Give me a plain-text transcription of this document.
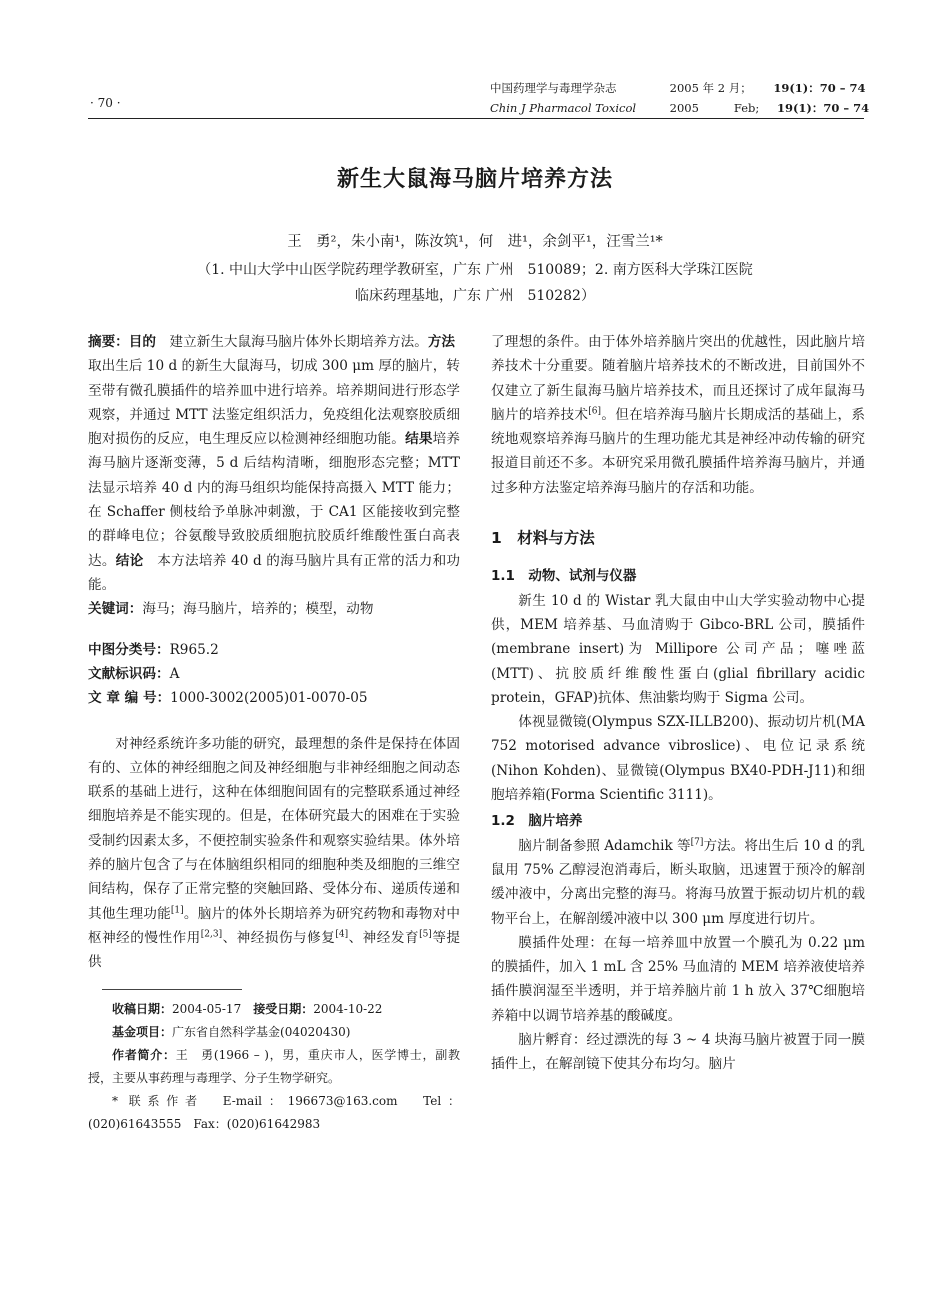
· 70 ·
中国药理学与毒理学杂志	2005 年 2 月； 19(1)：70 – 74
Chin J Pharmacol Toxicol	2005	Feb; 19(1)：70 – 74
新生大鼠海马脑片培养方法
王　勇²，朱小南¹，陈汝筑¹，何　进¹，余剑平¹，汪雪兰¹*
（1. 中山大学中山医学院药理学教研室，广东 广州　510089；2. 南方医科大学珠江医院
临床药理基地，广东 广州　510282）

摘要：目的　建立新生大鼠海马脑片体外长期培养方法。方法　取出生后 10 d 的新生大鼠海马，切成 300 μm 厚的脑片，转至带有微孔膜插件的培养皿中进行培养。培养期间进行形态学观察，并通过 MTT 法鉴定组织活力，免疫组化法观察胶质细胞对损伤的反应，电生理反应以检测神经细胞功能。结果培养海马脑片逐渐变薄，5 d 后结构清晰，细胞形态完整；MTT 法显示培养 40 d 内的海马组织均能保持高摄入 MTT 能力；在 Schaffer 侧枝给予单脉冲刺激，于 CA1 区能接收到完整的群峰电位；谷氨酸导致胶质细胞抗胶质纤维酸性蛋白高表达。结论　本方法培养 40 d 的海马脑片具有正常的活力和功能。

关键词：海马；海马脑片，培养的；模型，动物

中图分类号：R965.2
文献标识码：A
文 章 编 号：1000-3002(2005)01-0070-05

对神经系统许多功能的研究，最理想的条件是保持在体固有的、立体的神经细胞之间及神经细胞与非神经细胞之间动态联系的基础上进行，这种在体细胞间固有的完整联系通过神经细胞培养是不能实现的。但是，在体研究最大的困难在于实验受制约因素太多，不便控制实验条件和观察实验结果。体外培养的脑片包含了与在体脑组织相同的细胞种类及细胞的三维空间结构，保存了正常完整的突触回路、受体分布、递质传递和其他生理功能[1]。脑片的体外长期培养为研究药物和毒物对中枢神经的慢性作用[2,3]、神经损伤与修复[4]、神经发育[5]等提供

收稿日期：2004-05-17　接受日期：2004-10-22

基金项目：广东省自然科学基金(04020430)

作者简介：王　勇(1966 – )，男，重庆市人，医学博士，副教授，主要从事药理与毒理学、分子生物学研究。

* 联系作者　E-mail：196673@163.com　Tel：(020)61643555　Fax：(020)61642983

了理想的条件。由于体外培养脑片突出的优越性，因此脑片培养技术十分重要。随着脑片培养技术的不断改进，目前国外不仅建立了新生鼠海马脑片培养技术，而且还探讨了成年鼠海马脑片的培养技术[6]。但在培养海马脑片长期成活的基础上，系统地观察培养海马脑片的生理功能尤其是神经冲动传输的研究报道目前还不多。本研究采用微孔膜插件培养海马脑片，并通过多种方法鉴定培养海马脑片的存活和功能。

1　材料与方法
1.1　动物、试剂与仪器

新生 10 d 的 Wistar 乳大鼠由中山大学实验动物中心提供，MEM 培养基、马血清购于 Gibco-BRL 公司，膜插件(membrane insert)为 Millipore 公司产品；噻唑蓝(MTT)、抗胶质纤维酸性蛋白(glial fibrillary acidic protein，GFAP)抗体、焦油紫均购于 Sigma 公司。

体视显微镜(Olympus SZX-ILLB200)、振动切片机(MA 752 motorised advance vibroslice)、电位记录系统(Nihon Kohden)、显微镜(Olympus BX40-PDH-J11)和细胞培养箱(Forma Scientific 3111)。

1.2　脑片培养

脑片制备参照 Adamchik 等[7]方法。将出生后 10 d 的乳鼠用 75% 乙醇浸泡消毒后，断头取脑，迅速置于预冷的解剖缓冲液中，分离出完整的海马。将海马放置于振动切片机的载物平台上，在解剖缓冲液中以 300 μm 厚度进行切片。

膜插件处理：在每一培养皿中放置一个膜孔为 0.22 μm 的膜插件，加入 1 mL 含 25% 马血清的 MEM 培养液使培养插件膜润湿至半透明，并于培养脑片前 1 h 放入 37℃细胞培养箱中以调节培养基的酸碱度。

脑片孵育：经过漂洗的每 3 ~ 4 块海马脑片被置于同一膜插件上，在解剖镜下使其分布均匀。脑片
